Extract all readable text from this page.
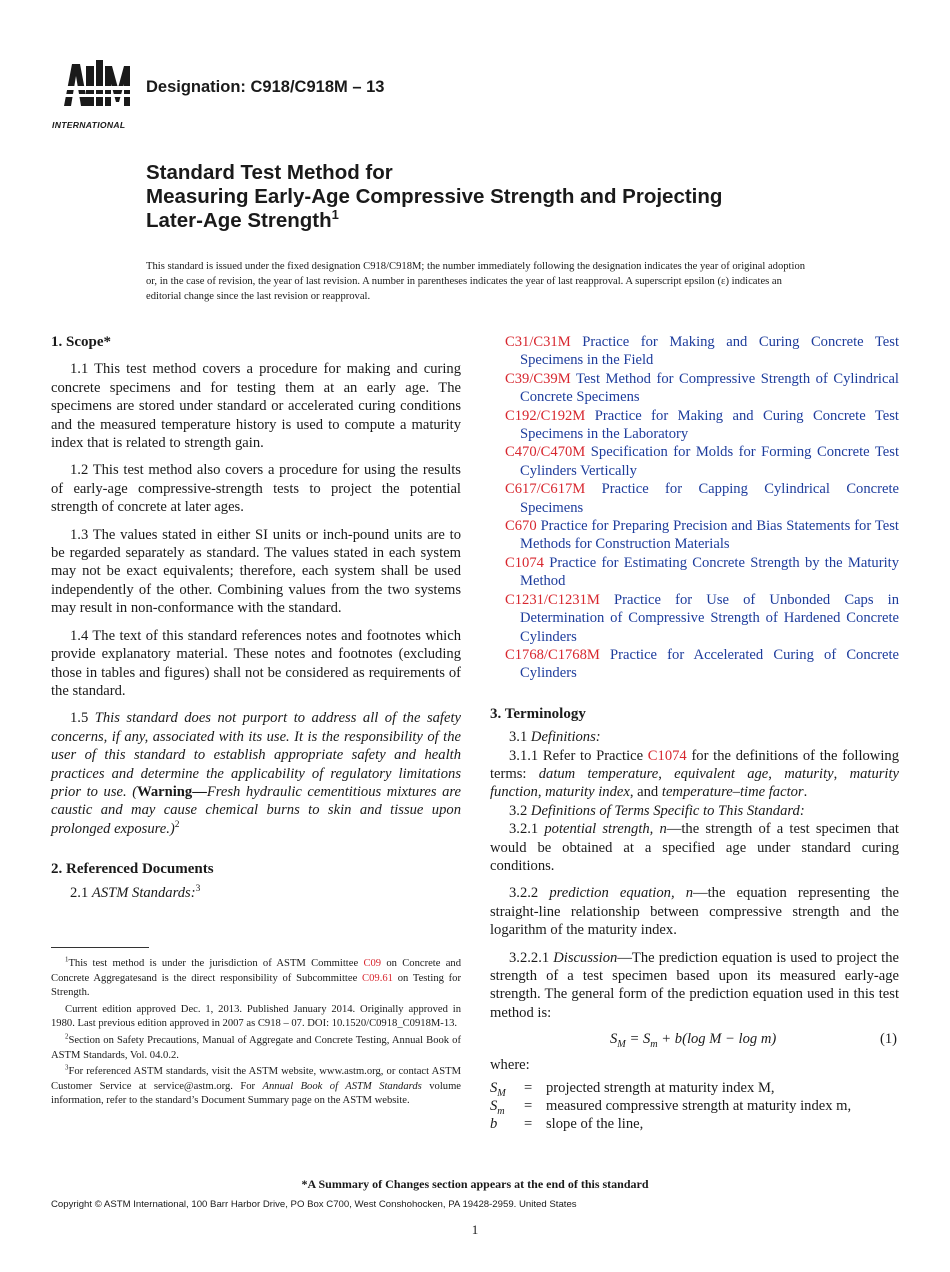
INTERNATIONAL
Designation: C918/C918M – 13
Standard Test Method for
Measuring Early-Age Compressive Strength and Projecting
Later-Age Strength$^1$
This standard is issued under the fixed designation C918/C918M; the number immediately following the designation indicates the year of original adoption or, in the case of revision, the year of last revision. A number in parentheses indicates the year of last reapproval. A superscript epsilon (ε) indicates an editorial change since the last revision or reapproval.

1. Scope*

1.1 This test method covers a procedure for making and curing concrete specimens and for testing them at an early age. The specimens are stored under standard or accelerated curing conditions and the measured temperature history is used to compute a maturity index that is related to strength gain.

1.2 This test method also covers a procedure for using the results of early-age compressive-strength tests to project the potential strength of concrete at later ages.

1.3 The values stated in either SI units or inch-pound units are to be regarded separately as standard. The values stated in each system may not be exact equivalents; therefore, each system shall be used independently of the other. Combining values from the two systems may result in non-conformance with the standard.

1.4 The text of this standard references notes and footnotes which provide explanatory material. These notes and footnotes (excluding those in tables and figures) shall not be considered as requirements of the standard.

1.5 This standard does not purport to address all of the safety concerns, if any, associated with its use. It is the responsibility of the user of this standard to establish appropriate safety and health practices and determine the applicability of regulatory limitations prior to use. (Warning—Fresh hydraulic cementitious mixtures are caustic and may cause chemical burns to skin and tissue upon prolonged exposure.)$^2$

2. Referenced Documents

2.1 ASTM Standards:$^3$

$^1$This test method is under the jurisdiction of ASTM Committee C09 on Concrete and Concrete Aggregatesand is the direct responsibility of Subcommittee C09.61 on Testing for Strength.

Current edition approved Dec. 1, 2013. Published January 2014. Originally approved in 1980. Last previous edition approved in 2007 as C918 – 07. DOI: 10.1520/C0918_C0918M-13.

$^2$Section on Safety Precautions, Manual of Aggregate and Concrete Testing, Annual Book of ASTM Standards, Vol. 04.0.2.

$^3$For referenced ASTM standards, visit the ASTM website, www.astm.org, or contact ASTM Customer Service at service@astm.org. For Annual Book of ASTM Standards volume information, refer to the standard’s Document Summary page on the ASTM website.

C31/C31M Practice for Making and Curing Concrete Test Specimens in the Field

C39/C39M Test Method for Compressive Strength of Cylindrical Concrete Specimens

C192/C192M Practice for Making and Curing Concrete Test Specimens in the Laboratory

C470/C470M Specification for Molds for Forming Concrete Test Cylinders Vertically

C617/C617M Practice for Capping Cylindrical Concrete Specimens

C670 Practice for Preparing Precision and Bias Statements for Test Methods for Construction Materials

C1074 Practice for Estimating Concrete Strength by the Maturity Method

C1231/C1231M Practice for Use of Unbonded Caps in Determination of Compressive Strength of Hardened Concrete Cylinders

C1768/C1768M Practice for Accelerated Curing of Concrete Cylinders

3. Terminology

3.1 Definitions:

3.1.1 Refer to Practice C1074 for the definitions of the following terms: datum temperature, equivalent age, maturity, maturity function, maturity index, and temperature–time factor.

3.2 Definitions of Terms Specific to This Standard:

3.2.1 potential strength, n—the strength of a test specimen that would be obtained at a specified age under standard curing conditions.

3.2.2 prediction equation, n—the equation representing the straight-line relationship between compressive strength and the logarithm of the maturity index.

3.2.2.1 Discussion—The prediction equation is used to project the strength of a test specimen based upon its measured early-age strength. The general form of the prediction equation used in this test method is:

$S_M = S_m + b(\log$ M − log m)	(1)

where:

$S_M$	= projected strength at maturity index M,
$S_m$	= measured compressive strength at maturity index m,
b	= slope of the line,
*A Summary of Changes section appears at the end of this standard
Copyright © ASTM International, 100 Barr Harbor Drive, PO Box C700, West Conshohocken, PA 19428-2959. United States
1
